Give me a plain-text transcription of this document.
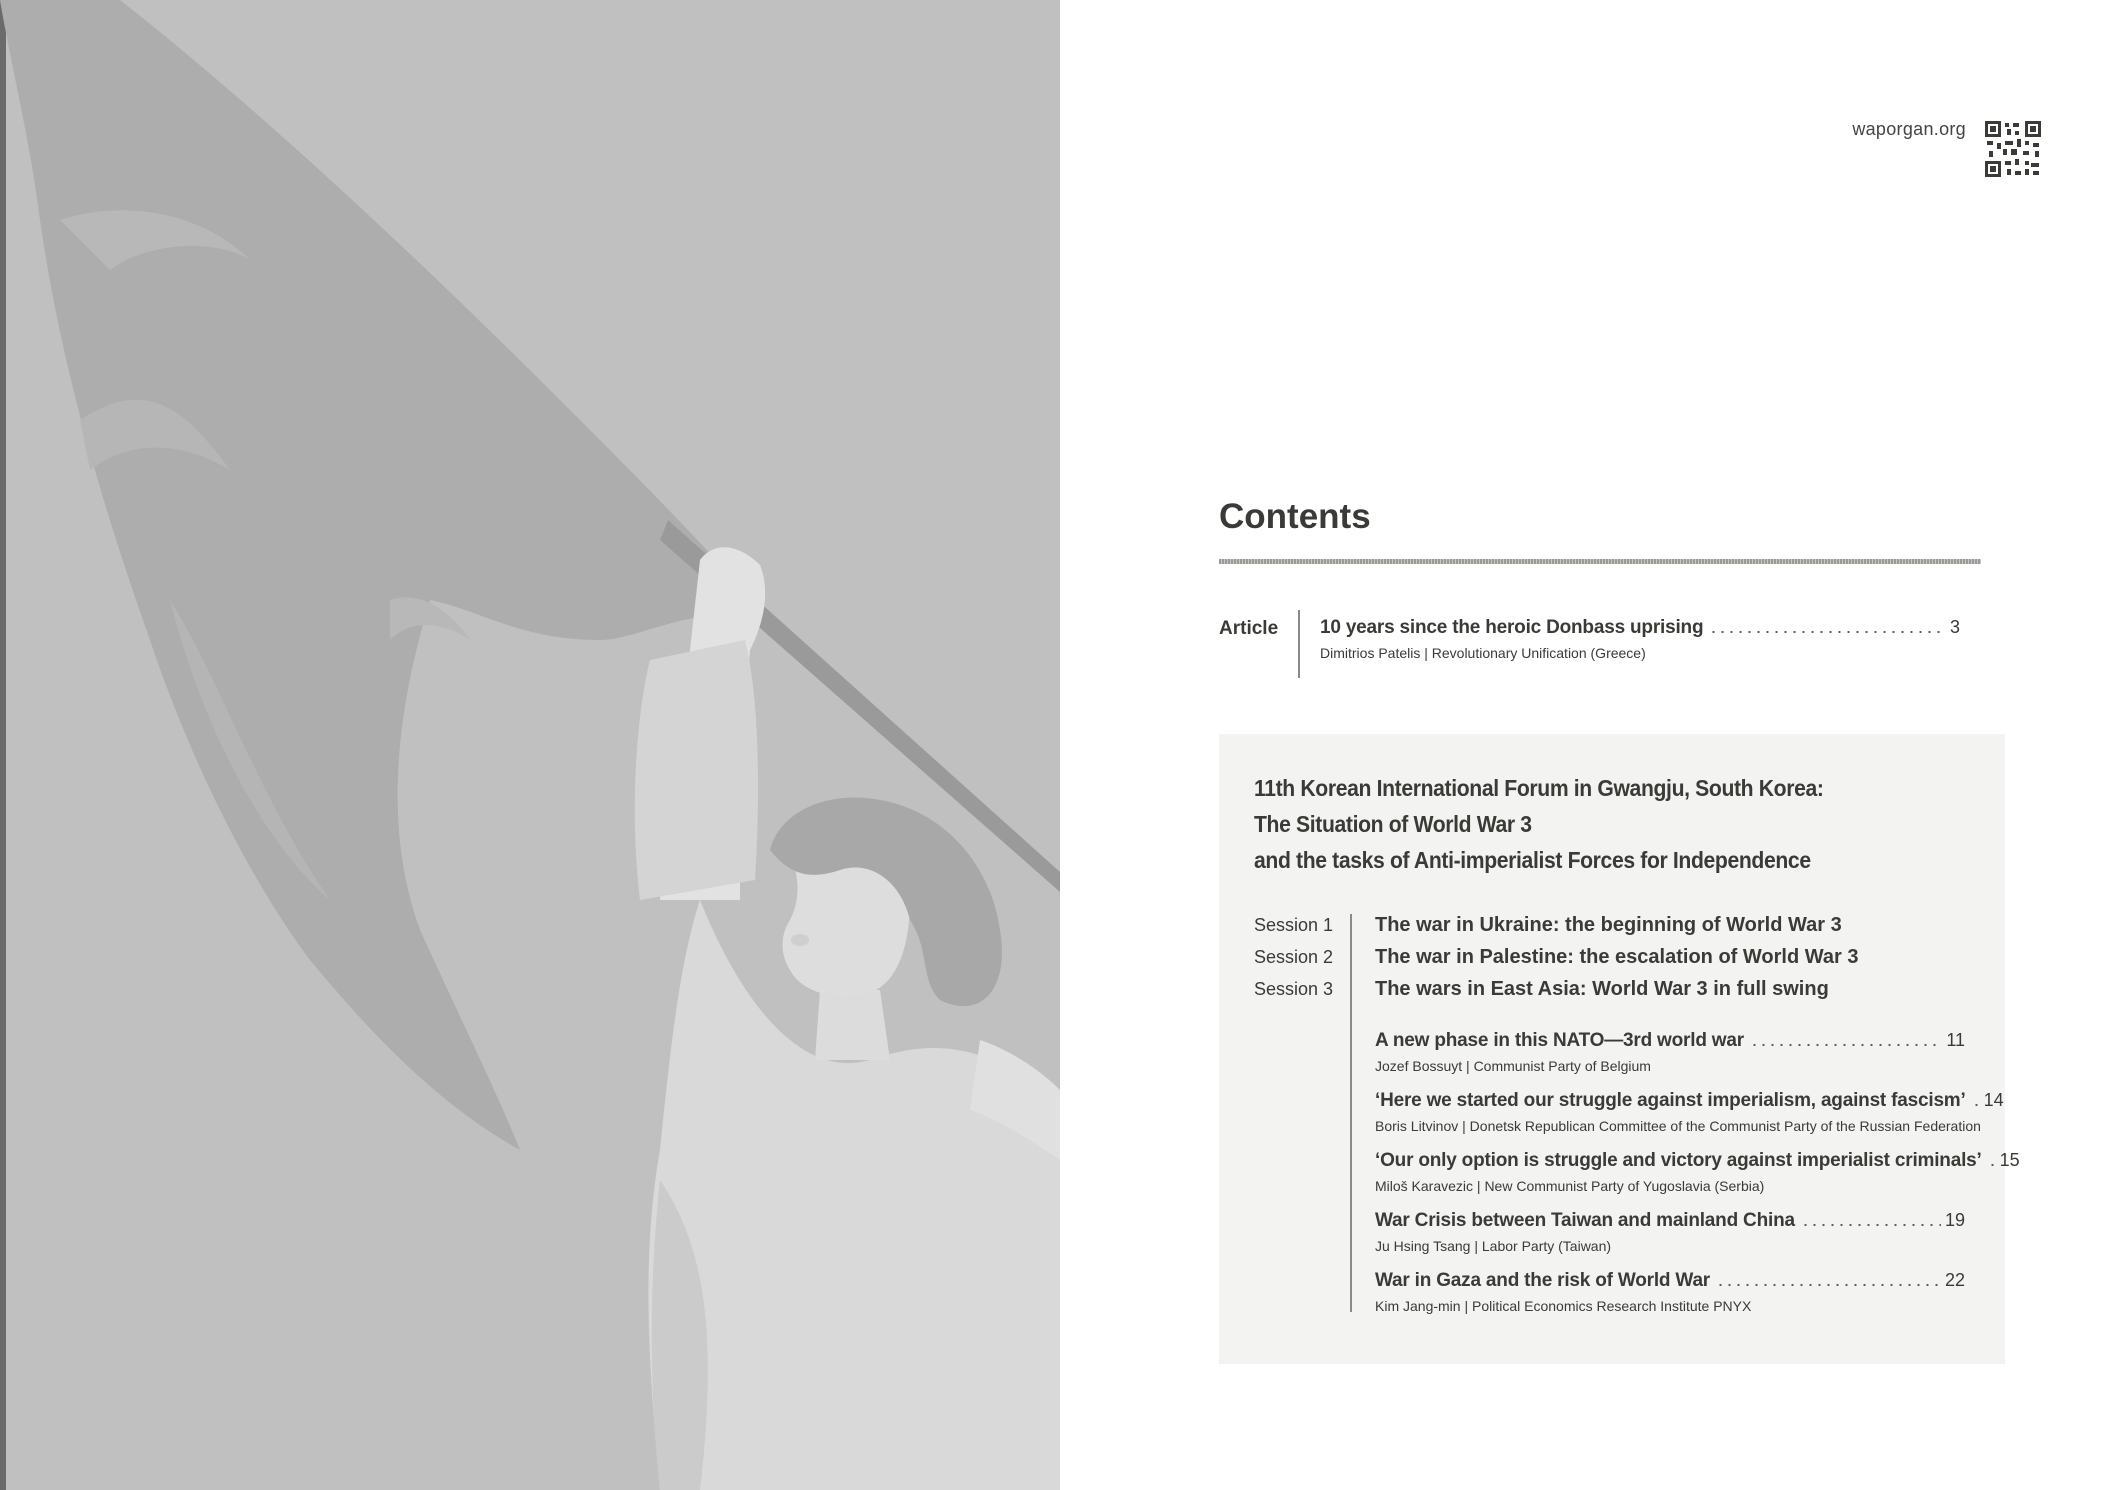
waporgan.org
Contents
Article 10 years since the heroic Donbass uprising	3
Dimitrios Patelis | Revolutionary Unification (Greece)
11th Korean International Forum in Gwangju, South Korea:
The Situation of World War 3
and the tasks of Anti-imperialist Forces for Independence
Session 1 The war in Ukraine: the beginning of World War 3
Session 2 The war in Palestine: the escalation of World War 3
Session 3 The wars in East Asia: World War 3 in full swing
A new phase in this NATO—3rd world war	11
Jozef Bossuyt | Communist Party of Belgium
‘Here we started our struggle against imperialism, against fascism’ 14
Boris Litvinov | Donetsk Republican Committee of the Communist Party of the Russian Federation
‘Our only option is struggle and victory against imperialist criminals’ 15
Miloš Karavezic | New Communist Party of Yugoslavia (Serbia)
War Crisis between Taiwan and mainland China	19
Ju Hsing Tsang | Labor Party (Taiwan)
War in Gaza and the risk of World War	22
Kim Jang-min | Political Economics Research Institute PNYX
